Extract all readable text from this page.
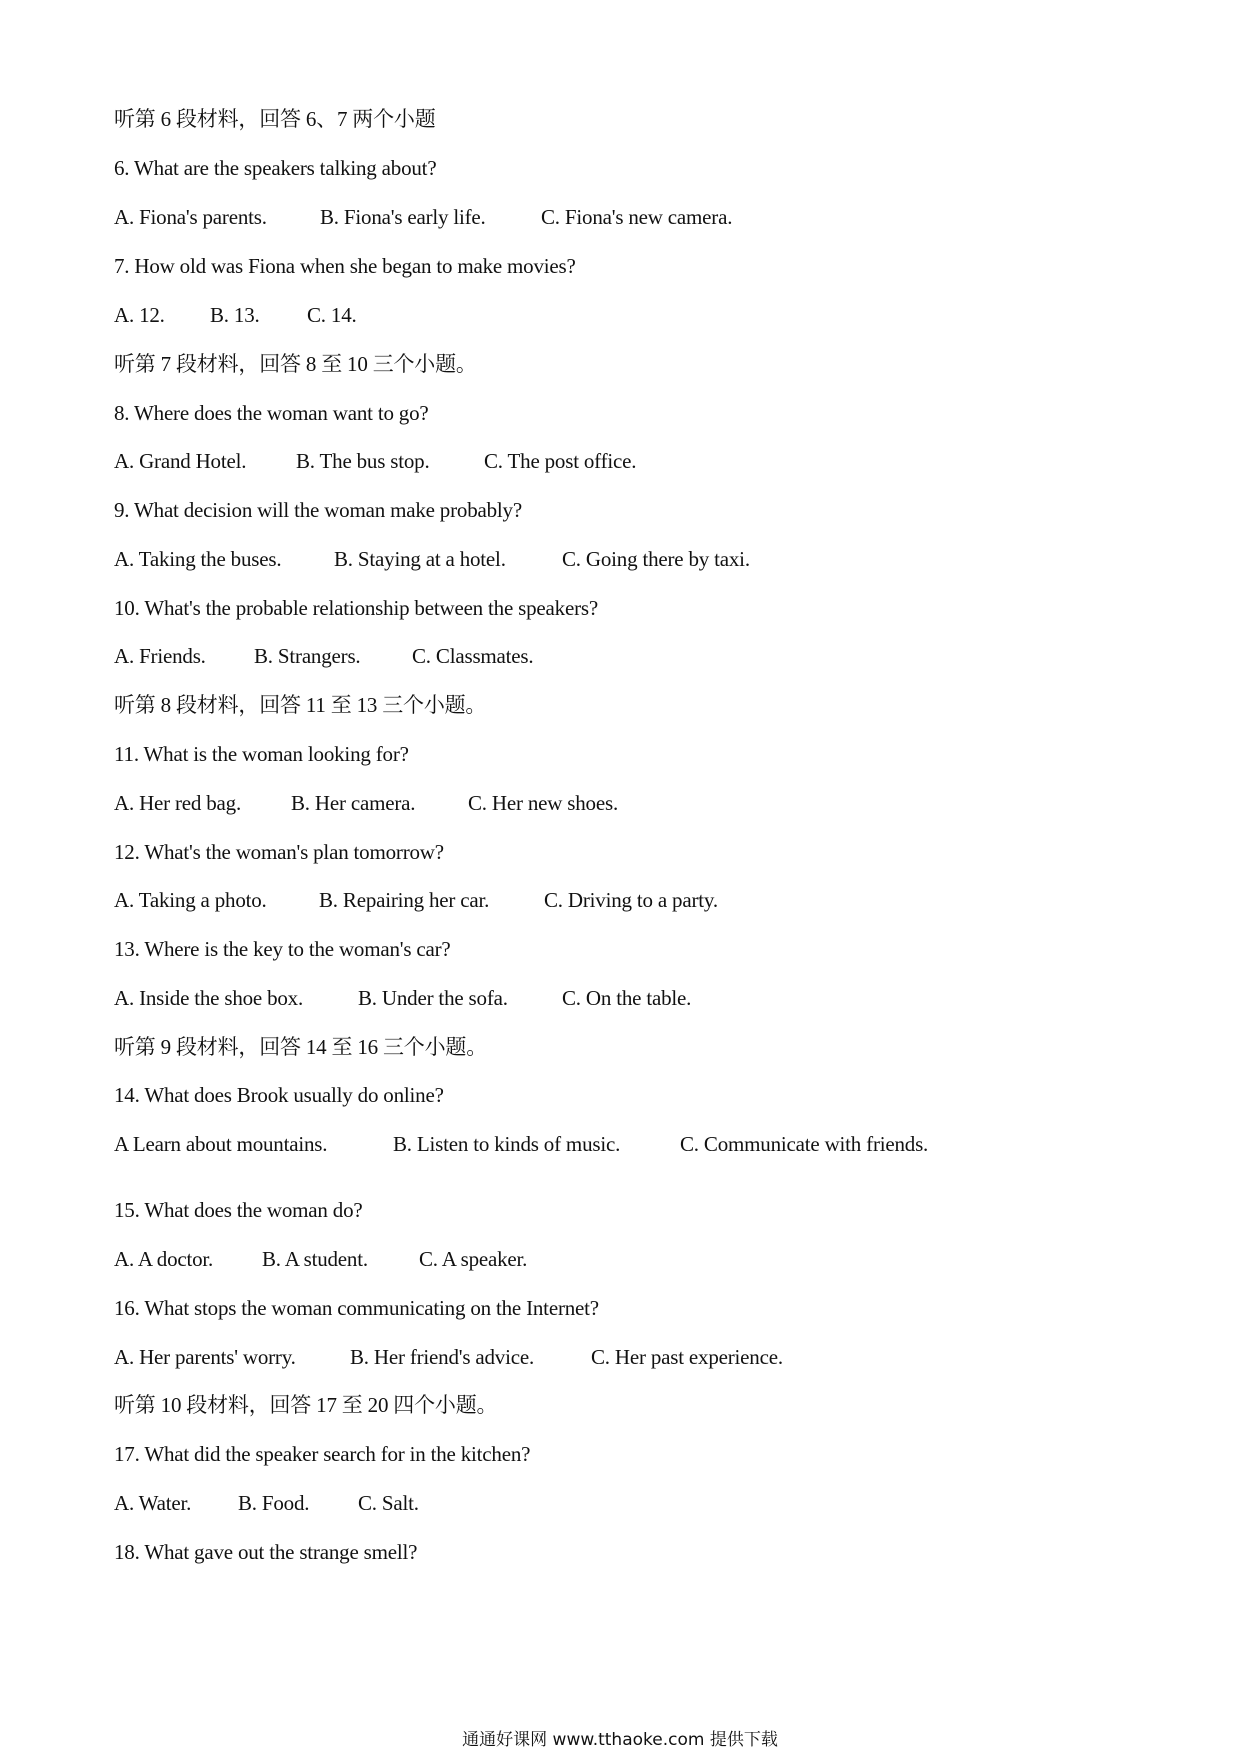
听第 6 段材料，回答 6、7 两个小题
6. What are the speakers talking about?
A. Fiona's parents.	B. Fiona's early life.	C. Fiona's new camera.
7. How old was Fiona when she began to make movies?
A. 12. B. 13. C. 14.
听第 7 段材料，回答 8 至 10 三个小题。
8. Where does the woman want to go?
A. Grand Hotel. B. The bus stop.	C. The post office.
9. What decision will the woman make probably?
A. Taking the buses.	B. Staying at a hotel.	C. Going there by taxi.
10. What's the probable relationship between the speakers?
A. Friends. B. Strangers. C. Classmates.
听第 8 段材料，回答 11 至 13 三个小题。
11. What is the woman looking for?
A. Her red bag. B. Her camera.	C. Her new shoes.
12. What's the woman's plan tomorrow?
A. Taking a photo. B. Repairing her car.	C. Driving to a party.
13. Where is the key to the woman's car?
A. Inside the shoe box.	B. Under the sofa.	C. On the table.
听第 9 段材料，回答 14 至 16 三个小题。
14. What does Brook usually do online?
A Learn about mountains.	B. Listen to kinds of music.	C. Communicate with friends.
15. What does the woman do?
A. A doctor. B. A student. C. A speaker.
16. What stops the woman communicating on the Internet?
A. Her parents' worry.	B. Her friend's advice.	C. Her past experience.
听第 10 段材料，回答 17 至 20 四个小题。
17. What did the speaker search for in the kitchen?
A. Water. B. Food. C. Salt.
18. What gave out the strange smell?
通通好课网 www.tthaoke.com 提供下载
